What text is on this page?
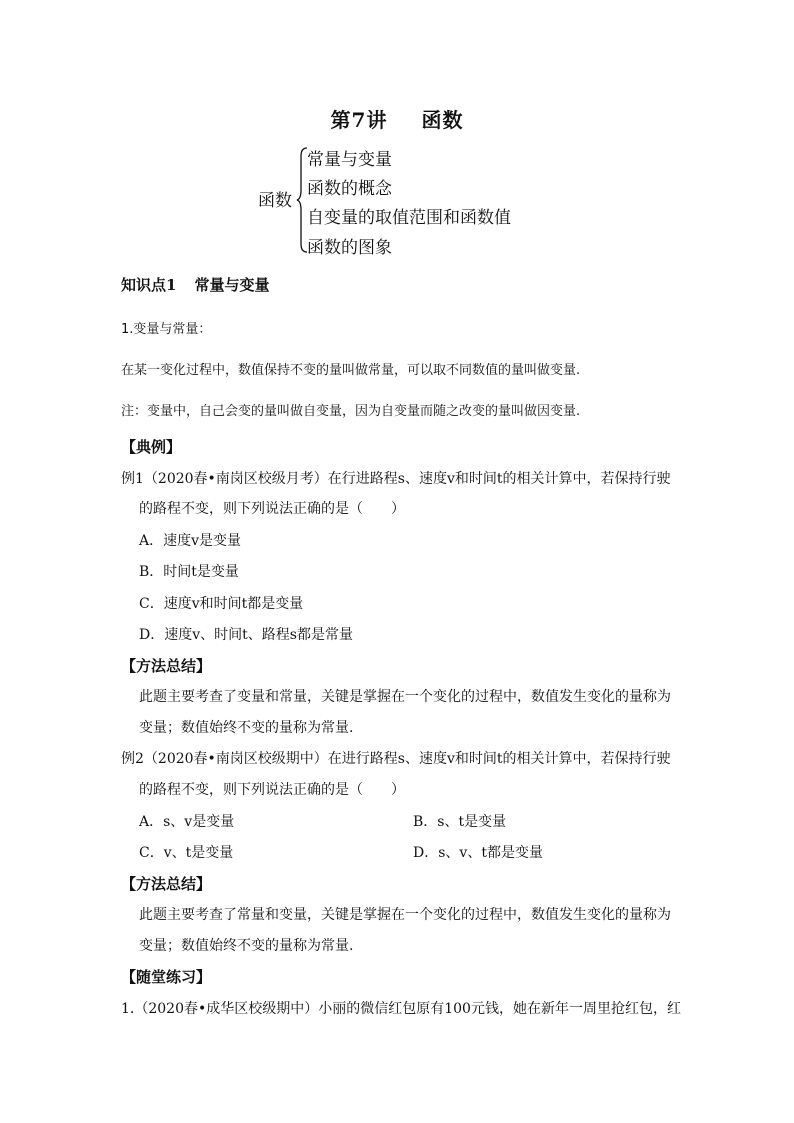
第7讲 函数
函数
常量与变量
函数的概念
自变量的取值范围和函数值
函数的图象
知识点1 常量与变量
1.变量与常量：
在某一变化过程中，数值保持不变的量叫做常量，可以取不同数值的量叫做变量.
注：变量中，自己会变的量叫做自变量，因为自变量而随之改变的量叫做因变量.
【典例】
例1（2020春•南岗区校级月考）在行进路程s、速度v和时间t的相关计算中，若保持行驶
的路程不变，则下列说法正确的是（　　）
A．速度v是变量
B．时间t是变量
C．速度v和时间t都是变量
D．速度v、时间t、路程s都是常量
【方法总结】
此题主要考查了变量和常量，关键是掌握在一个变化的过程中，数值发生变化的量称为
变量；数值始终不变的量称为常量.
例2（2020春•南岗区校级期中）在进行路程s、速度v和时间t的相关计算中，若保持行驶
的路程不变，则下列说法正确的是（　　）
A．s、v是变量	B．s、t是变量
C．v、t是变量	D．s、v、t都是变量
【方法总结】
此题主要考查了常量和变量，关键是掌握在一个变化的过程中，数值发生变化的量称为
变量；数值始终不变的量称为常量.
【随堂练习】
1.（2020春•成华区校级期中）小丽的微信红包原有100元钱，她在新年一周里抢红包，红
